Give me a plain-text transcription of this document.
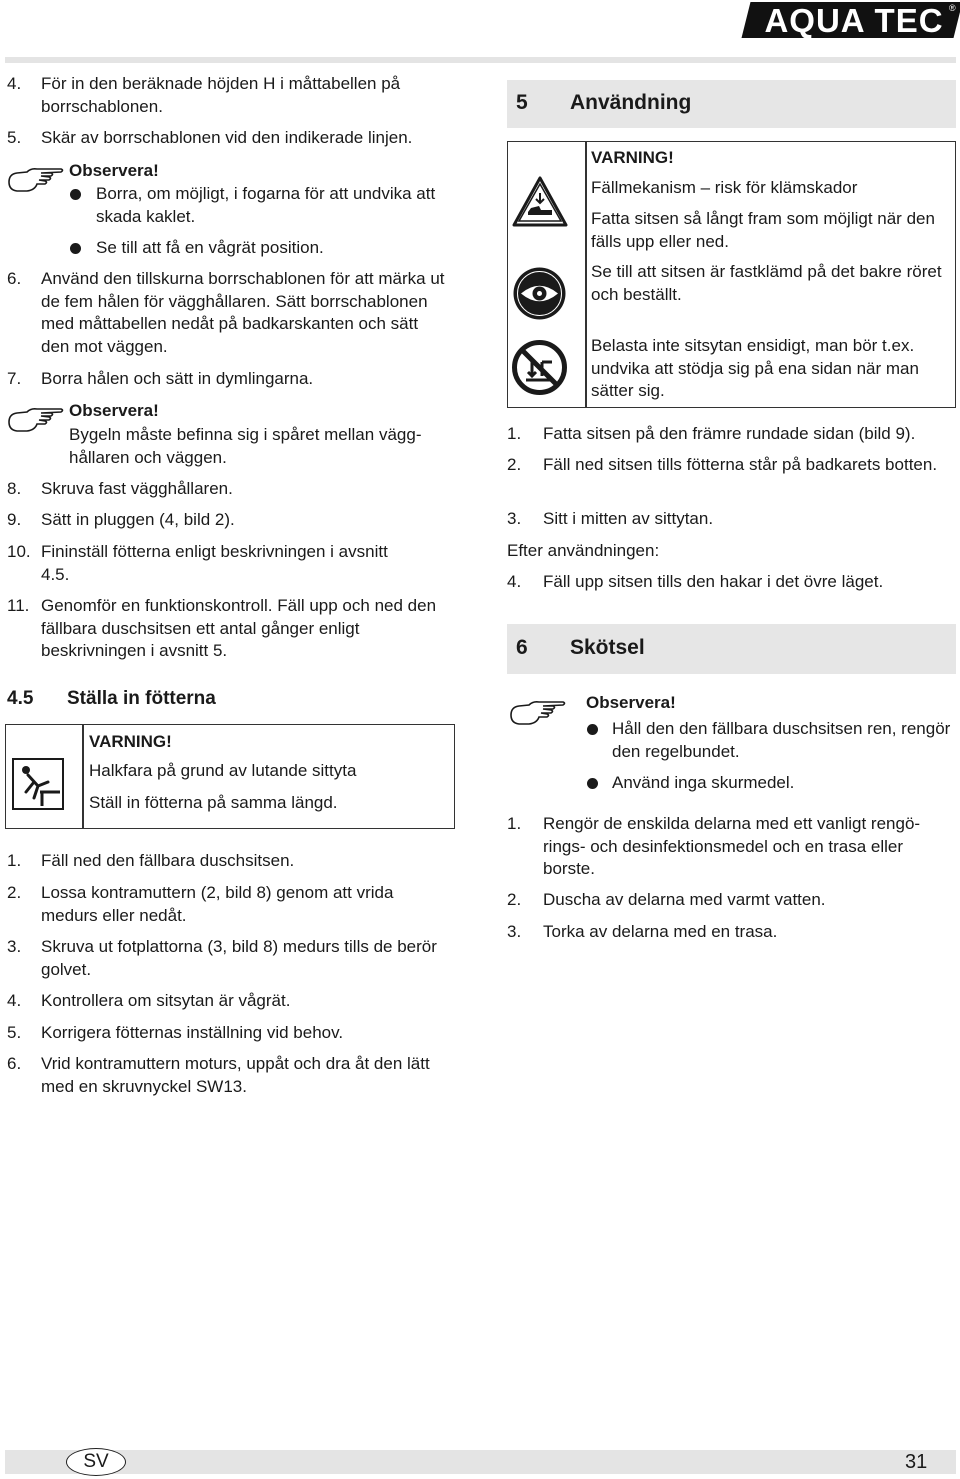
AQUA TEC ®
4.	För in den beräknade höjden H i måttabellen på borrschablonen.
5.	Skär av borrschablonen vid den indikerade linjen.
Observera!
Borra, om möjligt, i fogarna för att undvika att skada kaklet.
Se till att få en vågrät position.
6.	Använd den tillskurna borrschablonen för att märka ut de fem hålen för vägghållaren. Sätt borrschablonen med måttabellen nedåt på badkarskanten och sätt den mot väggen.
7.	Borra hålen och sätt in dymlingarna.
Observera!
Bygeln måste befinna sig i spåret mellan vägghållaren och väggen.
8.	Skruva fast vägghållaren.
9.	Sätt in pluggen (4, bild 2).
10. Fininställ fötterna enligt beskrivningen i avsnitt 4.5.
11. Genomför en funktionskontroll. Fäll upp och ned den fällbara duschsitsen ett antal gånger enligt beskrivningen i avsnitt 5.
4.5 Ställa in fötterna
VARNING!
Halkfara på grund av lutande sittyta
Ställ in fötterna på samma längd.
1.	Fäll ned den fällbara duschsitsen.
2.	Lossa kontramuttern (2, bild 8) genom att vrida medurs eller nedåt.
3.	Skruva ut fotplattorna (3, bild 8) medurs tills de berör golvet.
4.	Kontrollera om sitsytan är vågrät.
5.	Korrigera fötternas inställning vid behov.
6.	Vrid kontramuttern moturs, uppåt och dra åt den lätt med en skruvnyckel SW13.
5 Användning
VARNING!
Fällmekanism – risk för klämskador
Fatta sitsen så långt fram som möjligt när den fälls upp eller ned.
Se till att sitsen är fastklämd på det bakre röret och beställt.
Belasta inte sitsytan ensidigt, man bör t.ex. undvika att stödja sig på ena sidan när man sätter sig.
1.	Fatta sitsen på den främre rundade sidan (bild 9).
2.	Fäll ned sitsen tills fötterna står på badkarets botten.
3.	Sitt i mitten av sittytan.
Efter användningen:
4.	Fäll upp sitsen tills den hakar i det övre läget.
6 Skötsel
Observera!
Håll den den fällbara duschsitsen ren, rengör den regelbundet.
Använd inga skurmedel.
1.	Rengör de enskilda delarna med ett vanligt rengörings- och desinfektionsmedel och en trasa eller borste.
2.	Duscha av delarna med varmt vatten.
3.	Torka av delarna med en trasa.
SV	31
